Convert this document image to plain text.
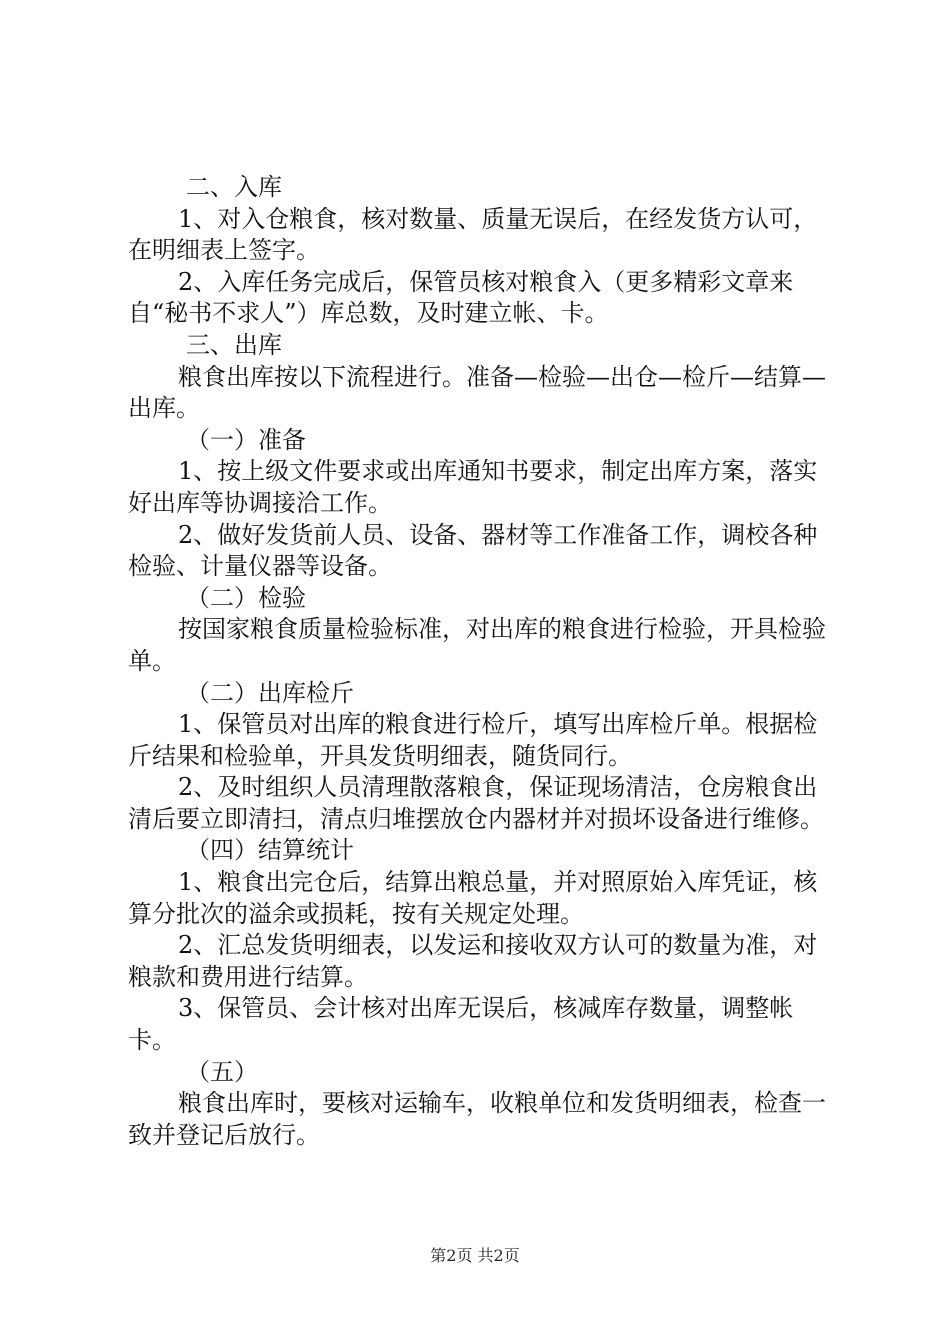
二、入库

1、对入仓粮食，核对数量、质量无误后，在经发货方认可，在明细表上签字。

2、入库任务完成后，保管员核对粮食入（更多精彩文章来自“秘书不求人”）库总数，及时建立帐、卡。

三、出库

粮食出库按以下流程进行。准备—检验—出仓—检斤—结算—出库。

（一）准备

1、按上级文件要求或出库通知书要求，制定出库方案，落实好出库等协调接洽工作。

2、做好发货前人员、设备、器材等工作准备工作，调校各种检验、计量仪器等设备。

（二）检验

按国家粮食质量检验标准，对出库的粮食进行检验，开具检验单。

（二）出库检斤

1、保管员对出库的粮食进行检斤，填写出库检斤单。根据检斤结果和检验单，开具发货明细表，随货同行。

2、及时组织人员清理散落粮食，保证现场清洁，仓房粮食出清后要立即清扫，清点归堆摆放仓内器材并对损坏设备进行维修。

（四）结算统计

1、粮食出完仓后，结算出粮总量，并对照原始入库凭证，核算分批次的溢余或损耗，按有关规定处理。

2、汇总发货明细表，以发运和接收双方认可的数量为准，对粮款和费用进行结算。

3、保管员、会计核对出库无误后，核减库存数量，调整帐卡。

（五）

粮食出库时，要核对运输车，收粮单位和发货明细表，检查一致并登记后放行。

第2页 共2页
